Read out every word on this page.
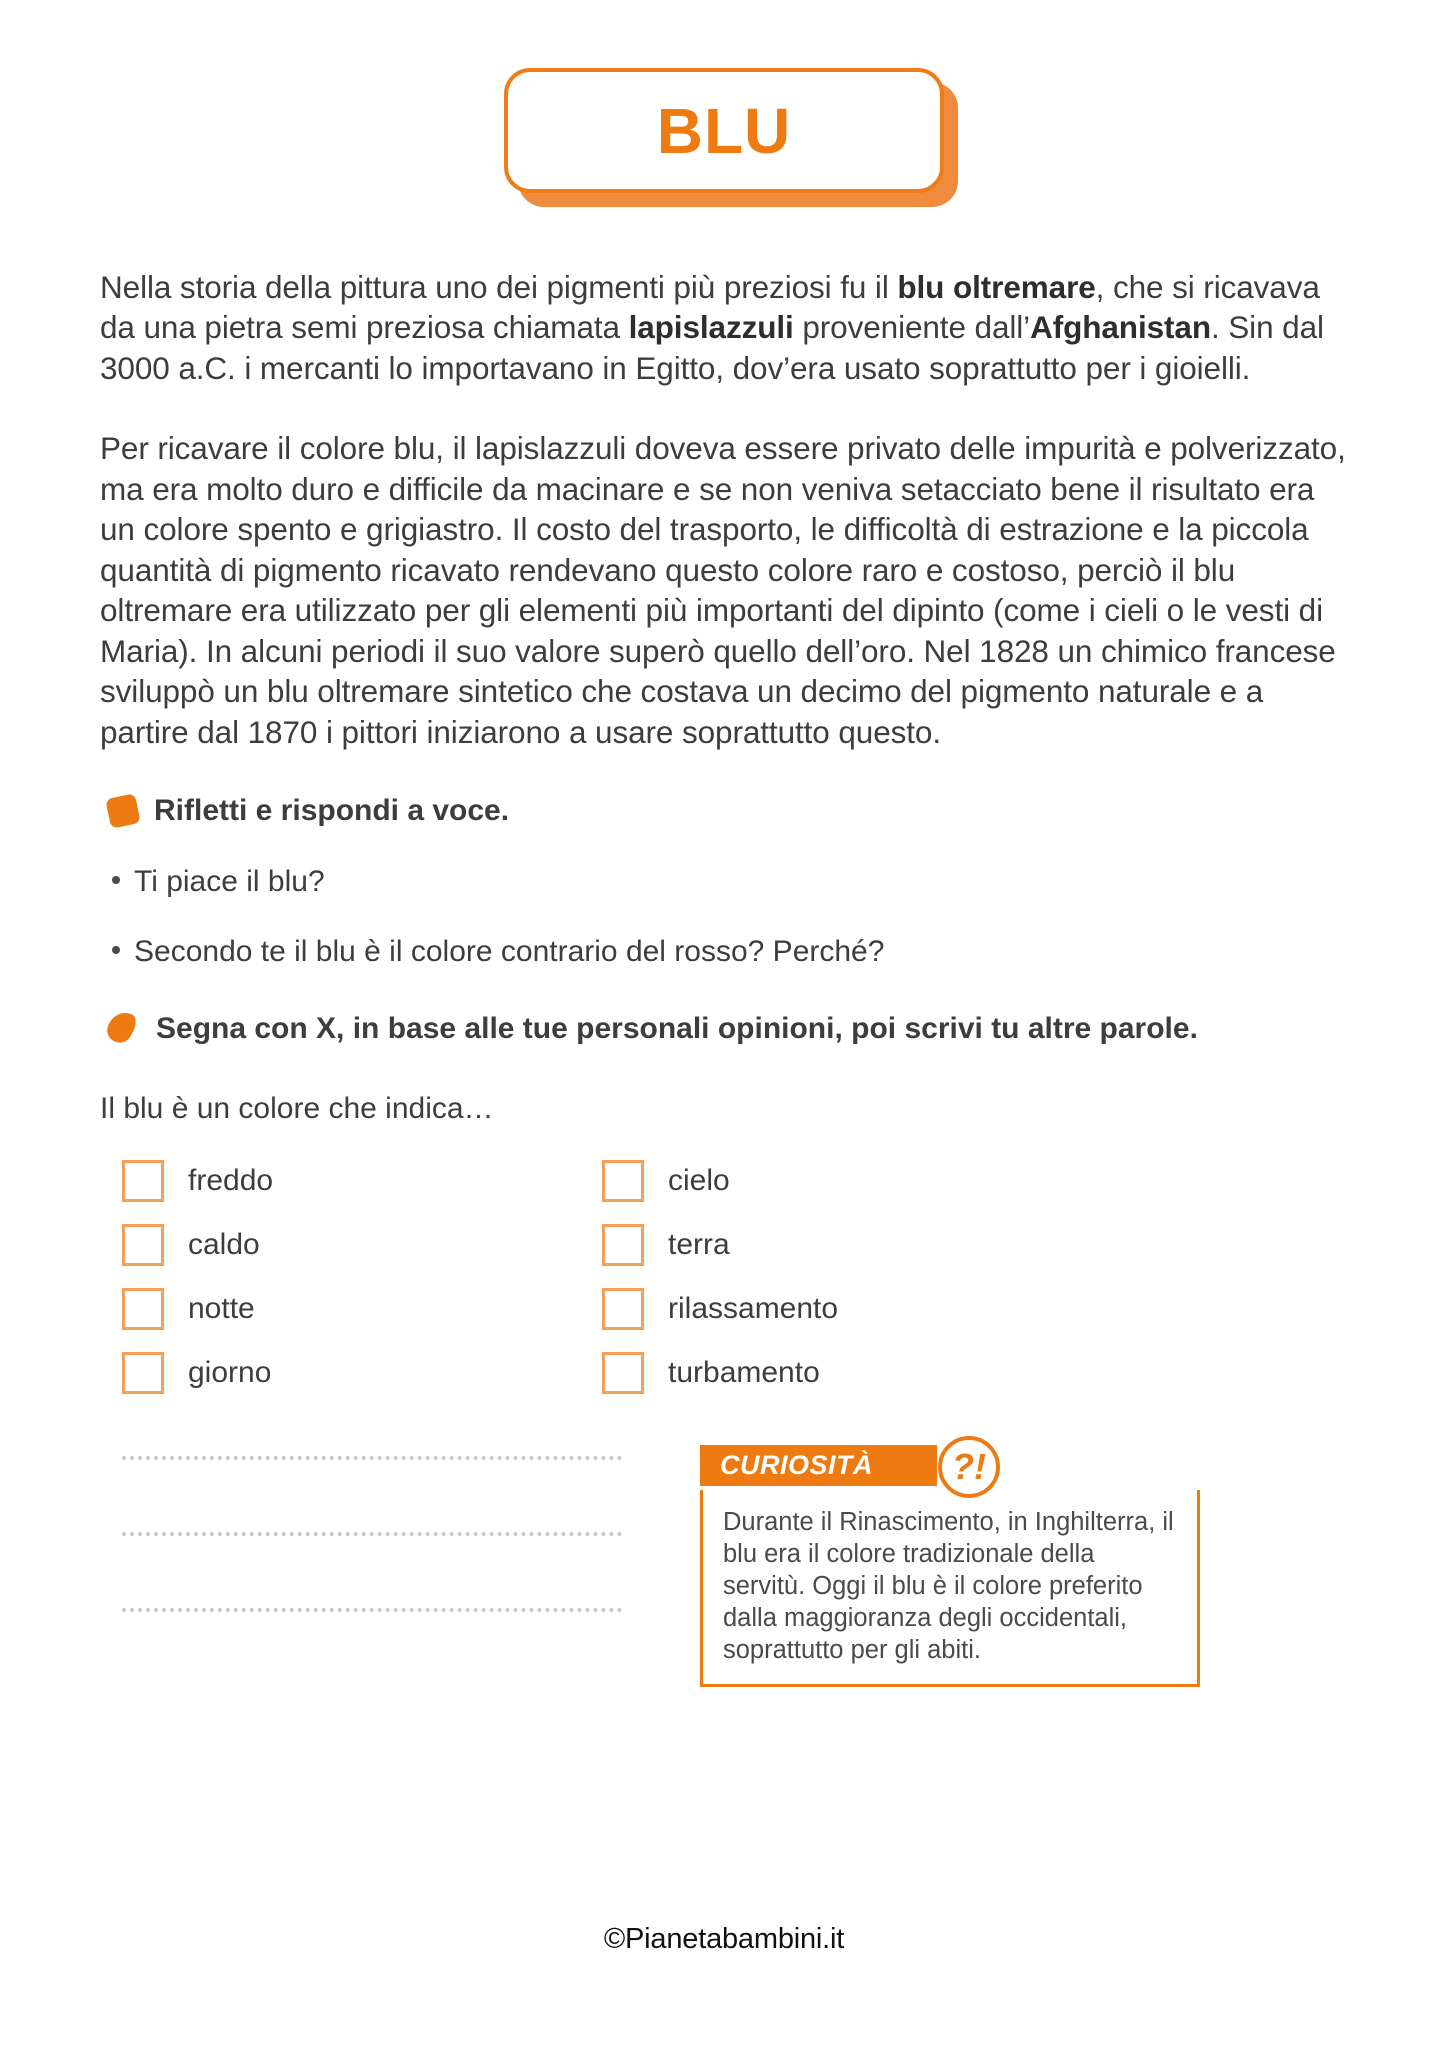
BLU

Nella storia della pittura uno dei pigmenti più preziosi fu il blu oltremare, che si ricavava da una pietra semi preziosa chiamata lapislazzuli proveniente dall’Afghanistan. Sin dal 3000 a.C. i mercanti lo importavano in Egitto, dov’era usato soprattutto per i gioielli.

Per ricavare il colore blu, il lapislazzuli doveva essere privato delle impurità e polverizzato, ma era molto duro e difficile da macinare e se non veniva setacciato bene il risultato era un colore spento e grigiastro. Il costo del trasporto, le difficoltà di estrazione e la piccola quantità di pigmento ricavato rendevano questo colore raro e costoso, perciò il blu oltremare era utilizzato per gli elementi più importanti del dipinto (come i cieli o le vesti di Maria). In alcuni periodi il suo valore superò quello dell’oro. Nel 1828 un chimico francese sviluppò un blu oltremare sintetico che costava un decimo del pigmento naturale e a partire dal 1870 i pittori iniziarono a usare soprattutto questo.

Rifletti e rispondi a voce.
Ti piace il blu?
Secondo te il blu è il colore contrario del rosso? Perché?
Segna con X, in base alle tue personali opinioni, poi scrivi tu altre parole.
Il blu è un colore che indica…
freddo
caldo
notte
giorno
cielo
terra
rilassamento
turbamento
CURIOSITÀ	?!
Durante il Rinascimento, in Inghilterra, il blu era il colore tradizionale della servitù. Oggi il blu è il colore preferito dalla maggioranza degli occidentali, soprattutto per gli abiti.
©Pianetabambini.it
